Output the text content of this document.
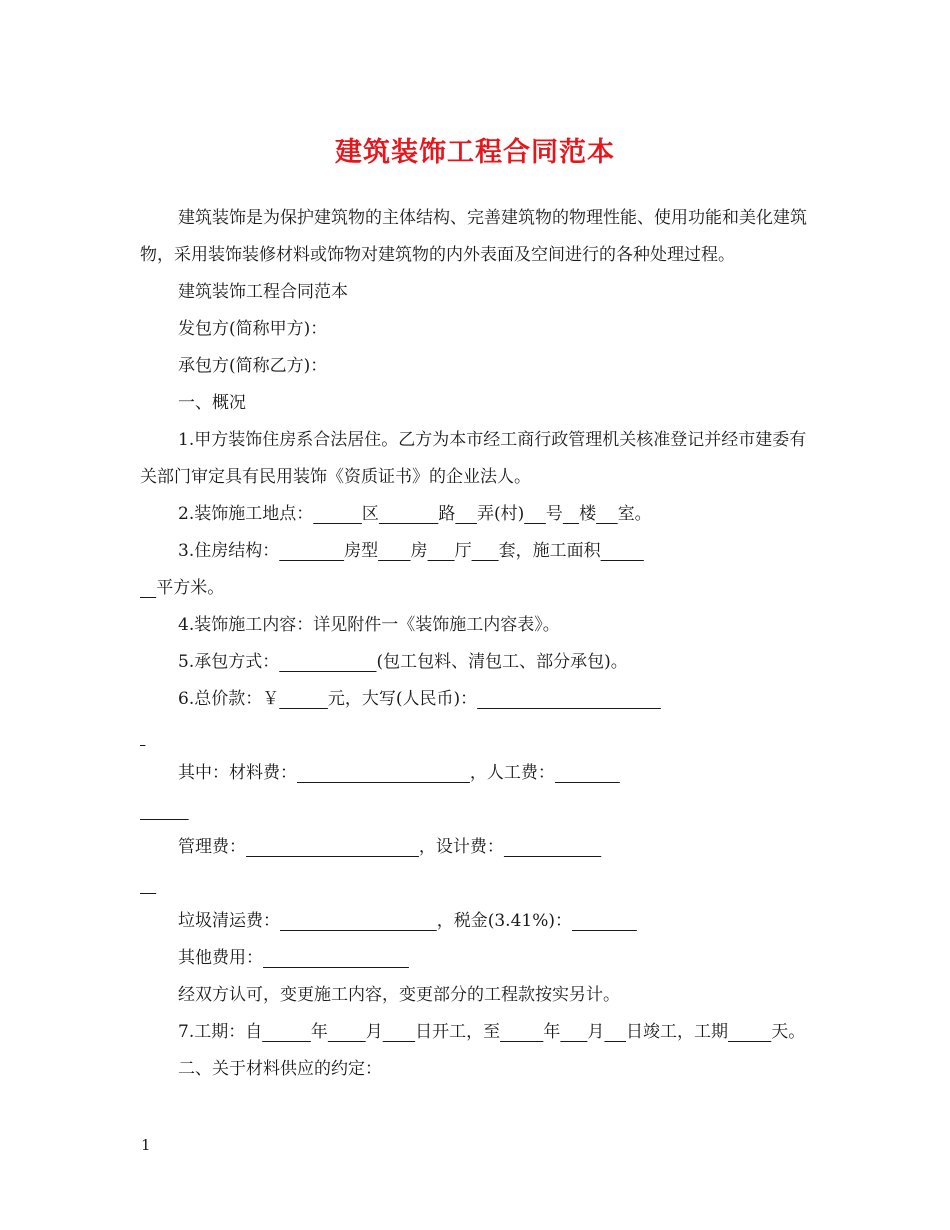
建筑装饰工程合同范本

建筑装饰是为保护建筑物的主体结构、完善建筑物的物理性能、使用功能和美化建筑物，采用装饰装修材料或饰物对建筑物的内外表面及空间进行的各种处理过程。

建筑装饰工程合同范本

发包方(简称甲方)：

承包方(简称乙方)：

一、概况

1.甲方装饰住房系合法居住。乙方为本市经工商行政管理机关核准登记并经市建委有关部门审定具有民用装饰《资质证书》的企业法人。

2.装饰施工地点：	区	路 弄(村) 号 楼 室。

3.住房结构：	房型 房 厅 套，施工面积

平方米。

4.装饰施工内容：详见附件一《装饰施工内容表》。

5.承包方式：	(包工包料、清包工、部分承包)。

6.总价款：￥	元，大写(人民币)：

其中：材料费：	，人工费：

管理费：	，设计费：

垃圾清运费：	，税金(3.41%)：

其他费用：

经双方认可，变更施工内容，变更部分的工程款按实另计。

7.工期：自	年 月 日开工，至	年 月 日竣工，工期	天。

二、关于材料供应的约定：

1
